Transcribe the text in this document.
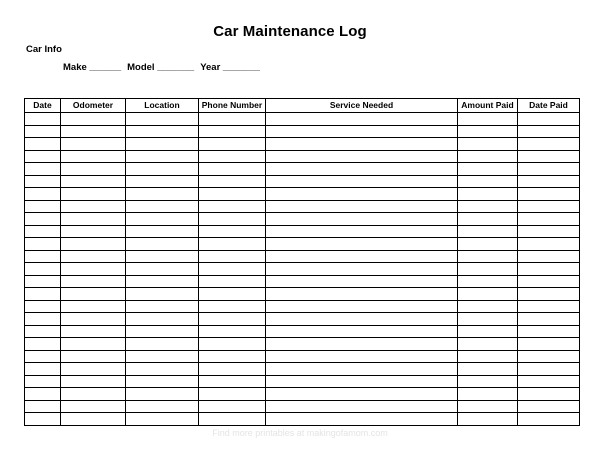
Car Maintenance Log
Car Info
Make ______ Model _______ Year _______
Date	Odometer	Location	Phone Number	Service Needed	Amount Paid	Date Paid

Find more printables at makingofamom.com
